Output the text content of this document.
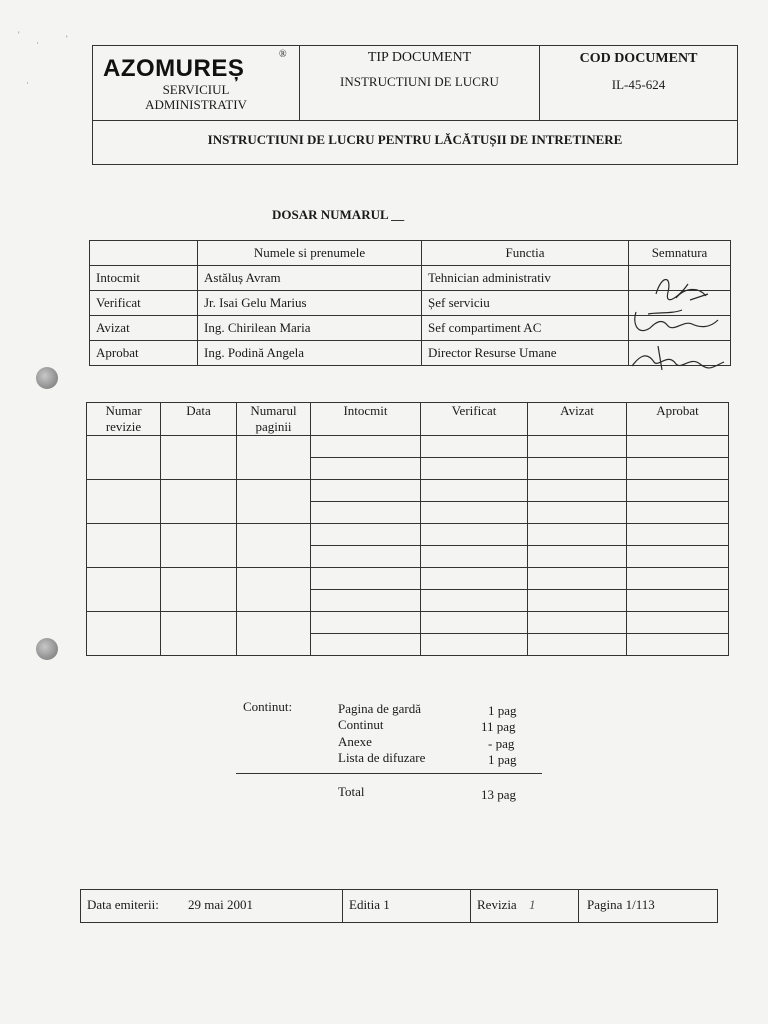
'
·	'
·
AZOMUREȘ
®
SERVICIUL
ADMINISTRATIV
TIP DOCUMENT
INSTRUCTIUNI DE LUCRU
COD DOCUMENT
IL-45-624
INSTRUCTIUNI DE LUCRU PENTRU LĂCĂTUȘII DE INTRETINERE
DOSAR NUMARUL __
	Numele si prenumele	Functia	Semnatura
Intocmit	Astăluș Avram	Tehnician administrativ	
Verificat	Jr. Isai Gelu Marius	Șef serviciu	
Avizat	Ing. Chirilean Maria	Sef compartiment AC	
Aprobat	Ing. Podină Angela	Director Resurse Umane	
Numar revizie	Data	Numarul paginii	Intocmit	Verificat	Avizat	Aprobat

Continut:	Pagina de gardă	1 pag
Continut	11 pag
Anexe	- pag
Lista de difuzare	1 pag
Total	13 pag
Data emiterii: 29 mai 2001	Editia 1	Revizia 1	Pagina 1/113
